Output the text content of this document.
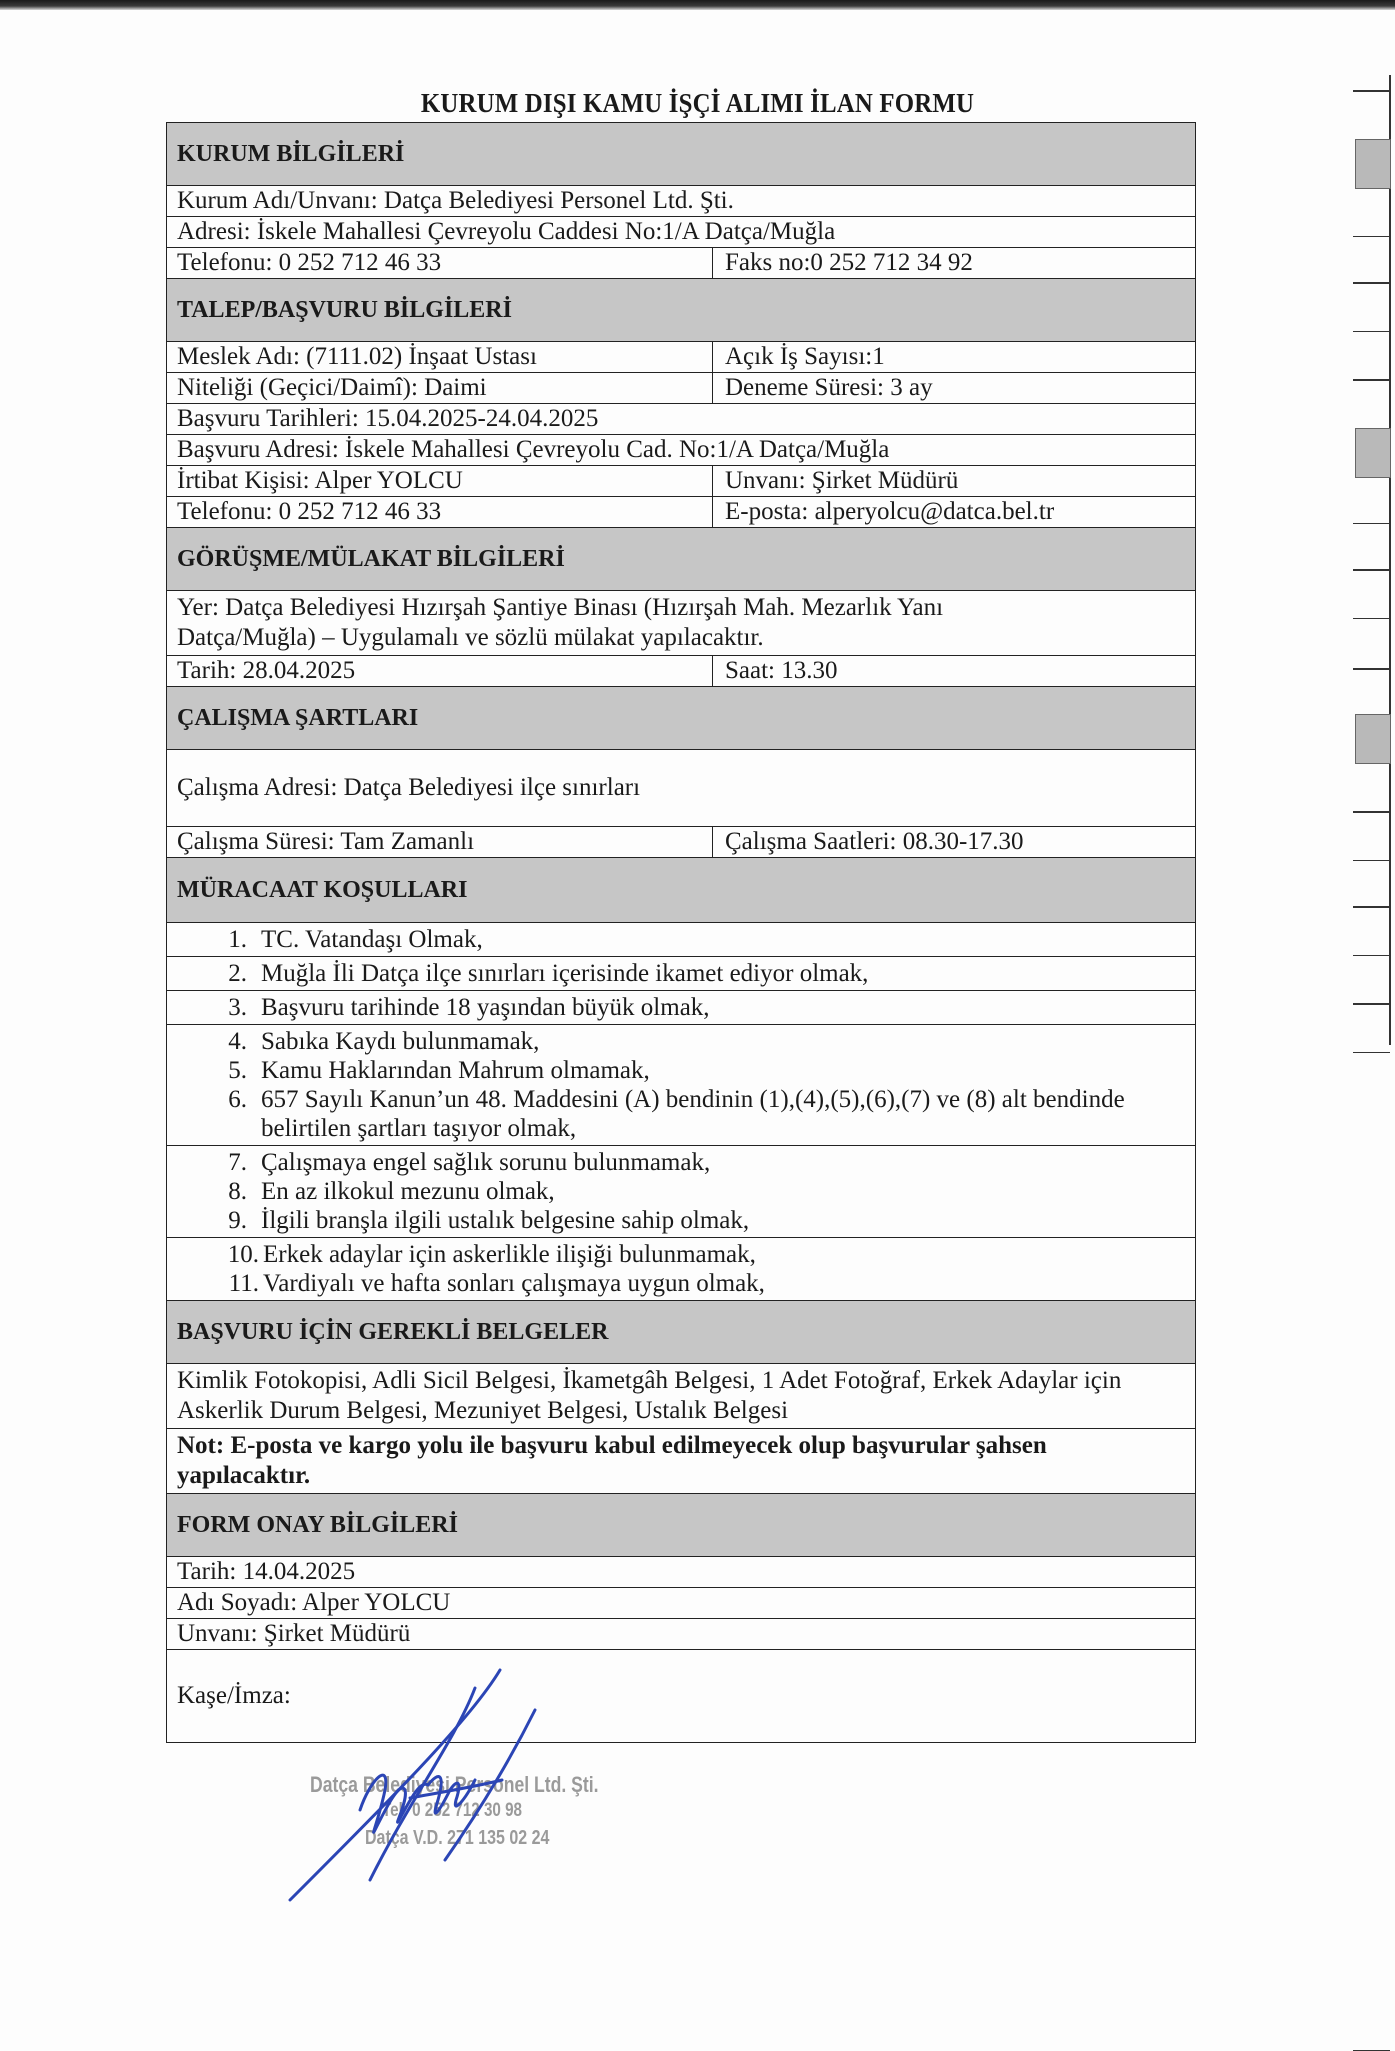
KURUM DIŞI KAMU İŞÇİ ALIMI İLAN FORMU
KURUM BİLGİLERİ
Kurum Adı/Unvanı: Datça Belediyesi Personel Ltd. Şti.
Adresi: İskele Mahallesi Çevreyolu Caddesi No:1/A Datça/Muğla
Telefonu: 0 252 712 46 33	Faks no:0 252 712 34 92
TALEP/BAŞVURU BİLGİLERİ
Meslek Adı: (7111.02) İnşaat Ustası	Açık İş Sayısı:1
Niteliği (Geçici/Daimî): Daimi	Deneme Süresi: 3 ay
Başvuru Tarihleri: 15.04.2025-24.04.2025
Başvuru Adresi: İskele Mahallesi Çevreyolu Cad. No:1/A Datça/Muğla
İrtibat Kişisi: Alper YOLCU	Unvanı: Şirket Müdürü
Telefonu: 0 252 712 46 33	E-posta: alperyolcu@datca.bel.tr
GÖRÜŞME/MÜLAKAT BİLGİLERİ
Yer: Datça Belediyesi Hızırşah Şantiye Binası (Hızırşah Mah. Mezarlık Yanı
Datça/Muğla) – Uygulamalı ve sözlü mülakat yapılacaktır.
Tarih: 28.04.2025	Saat: 13.30
ÇALIŞMA ŞARTLARI
Çalışma Adresi: Datça Belediyesi ilçe sınırları
Çalışma Süresi: Tam Zamanlı	Çalışma Saatleri: 08.30-17.30
MÜRACAAT KOŞULLARI
1. TC. Vatandaşı Olmak,
2. Muğla İli Datça ilçe sınırları içerisinde ikamet ediyor olmak,
3. Başvuru tarihinde 18 yaşından büyük olmak,
4. Sabıka Kaydı bulunmamak,
5. Kamu Haklarından Mahrum olmamak,
6. 657 Sayılı Kanun’un 48. Maddesini (A) bendinin (1),(4),(5),(6),(7) ve (8) alt bendinde belirtilen şartları taşıyor olmak,
7. Çalışmaya engel sağlık sorunu bulunmamak,
8. En az ilkokul mezunu olmak,
9. İlgili branşla ilgili ustalık belgesine sahip olmak,
10. Erkek adaylar için askerlikle ilişiği bulunmamak,
11. Vardiyalı ve hafta sonları çalışmaya uygun olmak,
BAŞVURU İÇİN GEREKLİ BELGELER
Kimlik Fotokopisi, Adli Sicil Belgesi, İkametgâh Belgesi, 1 Adet Fotoğraf, Erkek Adaylar için Askerlik Durum Belgesi, Mezuniyet Belgesi, Ustalık Belgesi
Not: E-posta ve kargo yolu ile başvuru kabul edilmeyecek olup başvurular şahsen yapılacaktır.
FORM ONAY BİLGİLERİ
Tarih: 14.04.2025
Adı Soyadı: Alper YOLCU
Unvanı: Şirket Müdürü
Kaşe/İmza:
Datça Belediyesi Personel Ltd. Şti.
Tel: 0 252 712 30 98
Datça V.D. 271 135 02 24
